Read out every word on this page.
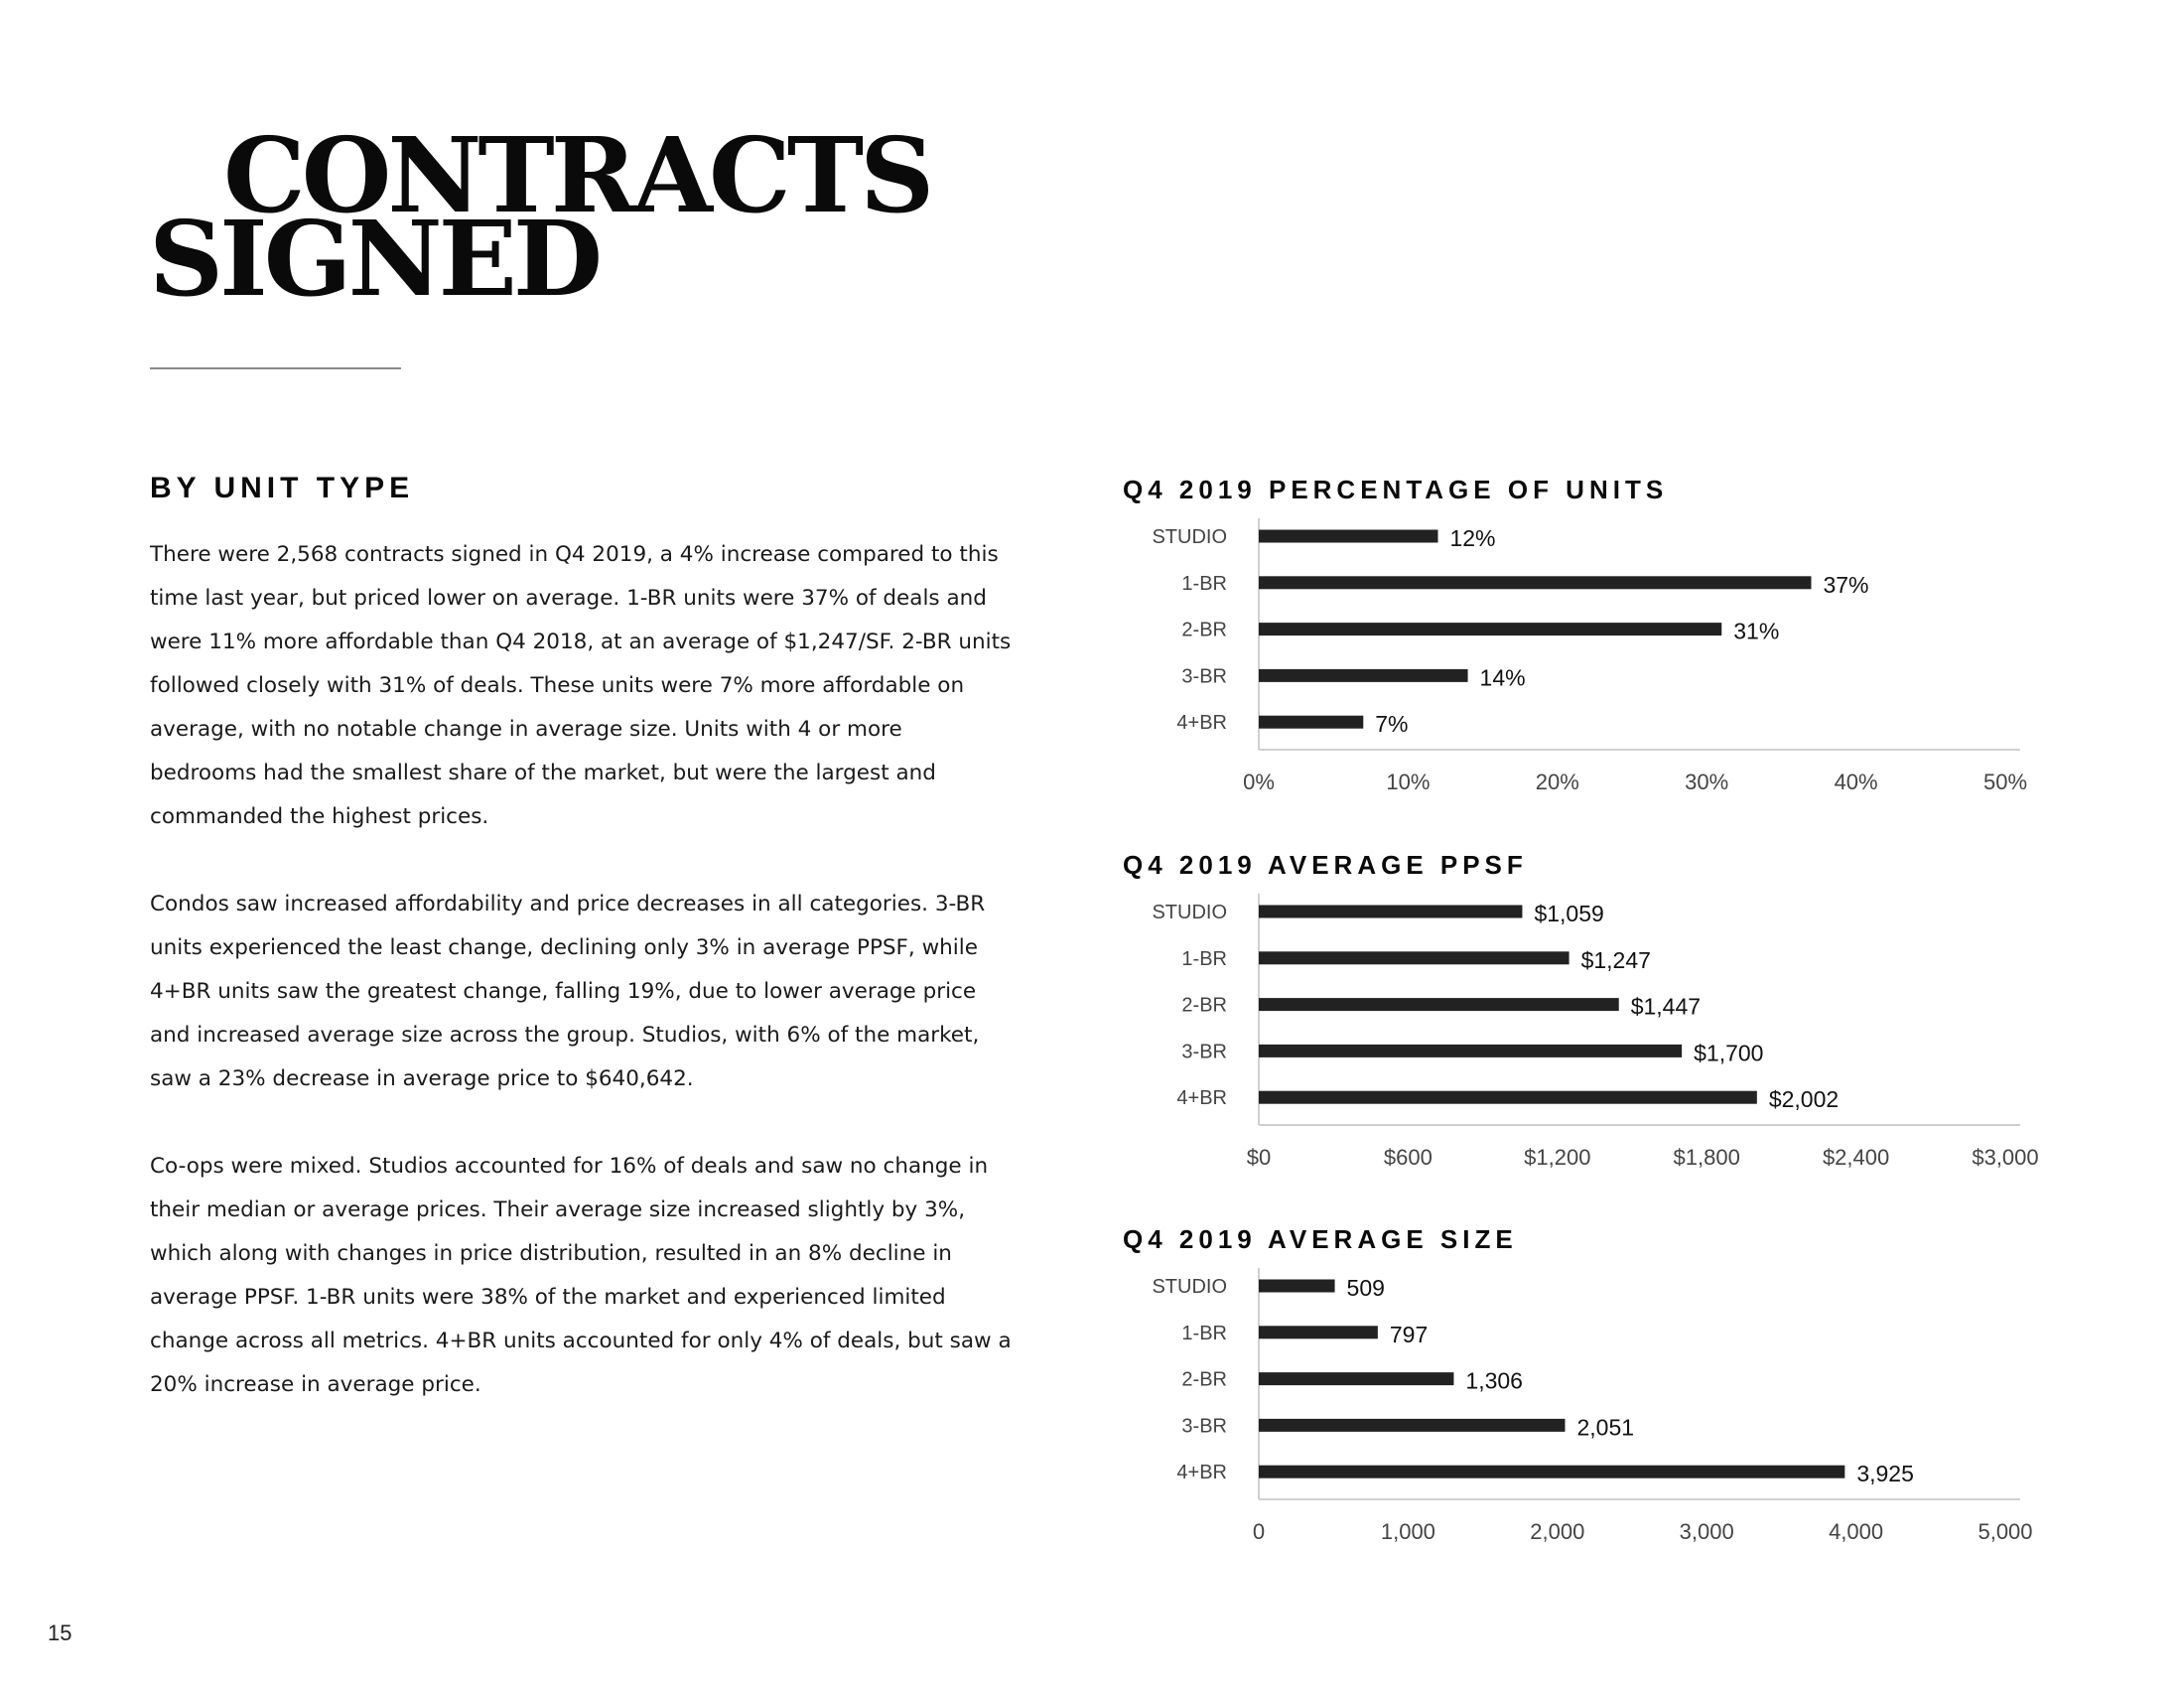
CONTRACTS
SIGNED
BY UNIT TYPE

There were 2,568 contracts signed in Q4 2019, a 4% increase compared to this time last year, but priced lower on average. 1-BR units were 37% of deals and were 11% more affordable than Q4 2018, at an average of $1,247/SF. 2-BR units followed closely with 31% of deals. These units were 7% more affordable on average, with no notable change in average size. Units with 4 or more bedrooms had the smallest share of the market, but were the largest and commanded the highest prices.

Condos saw increased affordability and price decreases in all categories. 3-BR units experienced the least change, declining only 3% in average PPSF, while 4+BR units saw the greatest change, falling 19%, due to lower average price and increased average size across the group. Studios, with 6% of the market, saw a 23% decrease in average price to $640,642.

Co-ops were mixed. Studios accounted for 16% of deals and saw no change in their median or average prices. Their average size increased slightly by 3%, which along with changes in price distribution, resulted in an 8% decline in average PPSF. 1-BR units were 38% of the market and experienced limited change across all metrics. 4+BR units accounted for only 4% of deals, but saw a 20% increase in average price.

Q4 2019 PERCENTAGE OF UNITS
STUDIO	12%
1-BR	37%
2-BR	31%
3-BR	14%
4+BR	7%
0%	10%	20%	30%	40%	50%
Q4 2019 AVERAGE PPSF
STUDIO	$1,059
1-BR	$1,247
2-BR	$1,447
3-BR	$1,700
4+BR	$2,002
$0	$600	$1,200	$1,800	$2,400	$3,000
Q4 2019 AVERAGE SIZE
STUDIO	509
1-BR	797
2-BR	1,306
3-BR	2,051
4+BR	3,925
0	1,000	2,000	3,000	4,000	5,000
15
